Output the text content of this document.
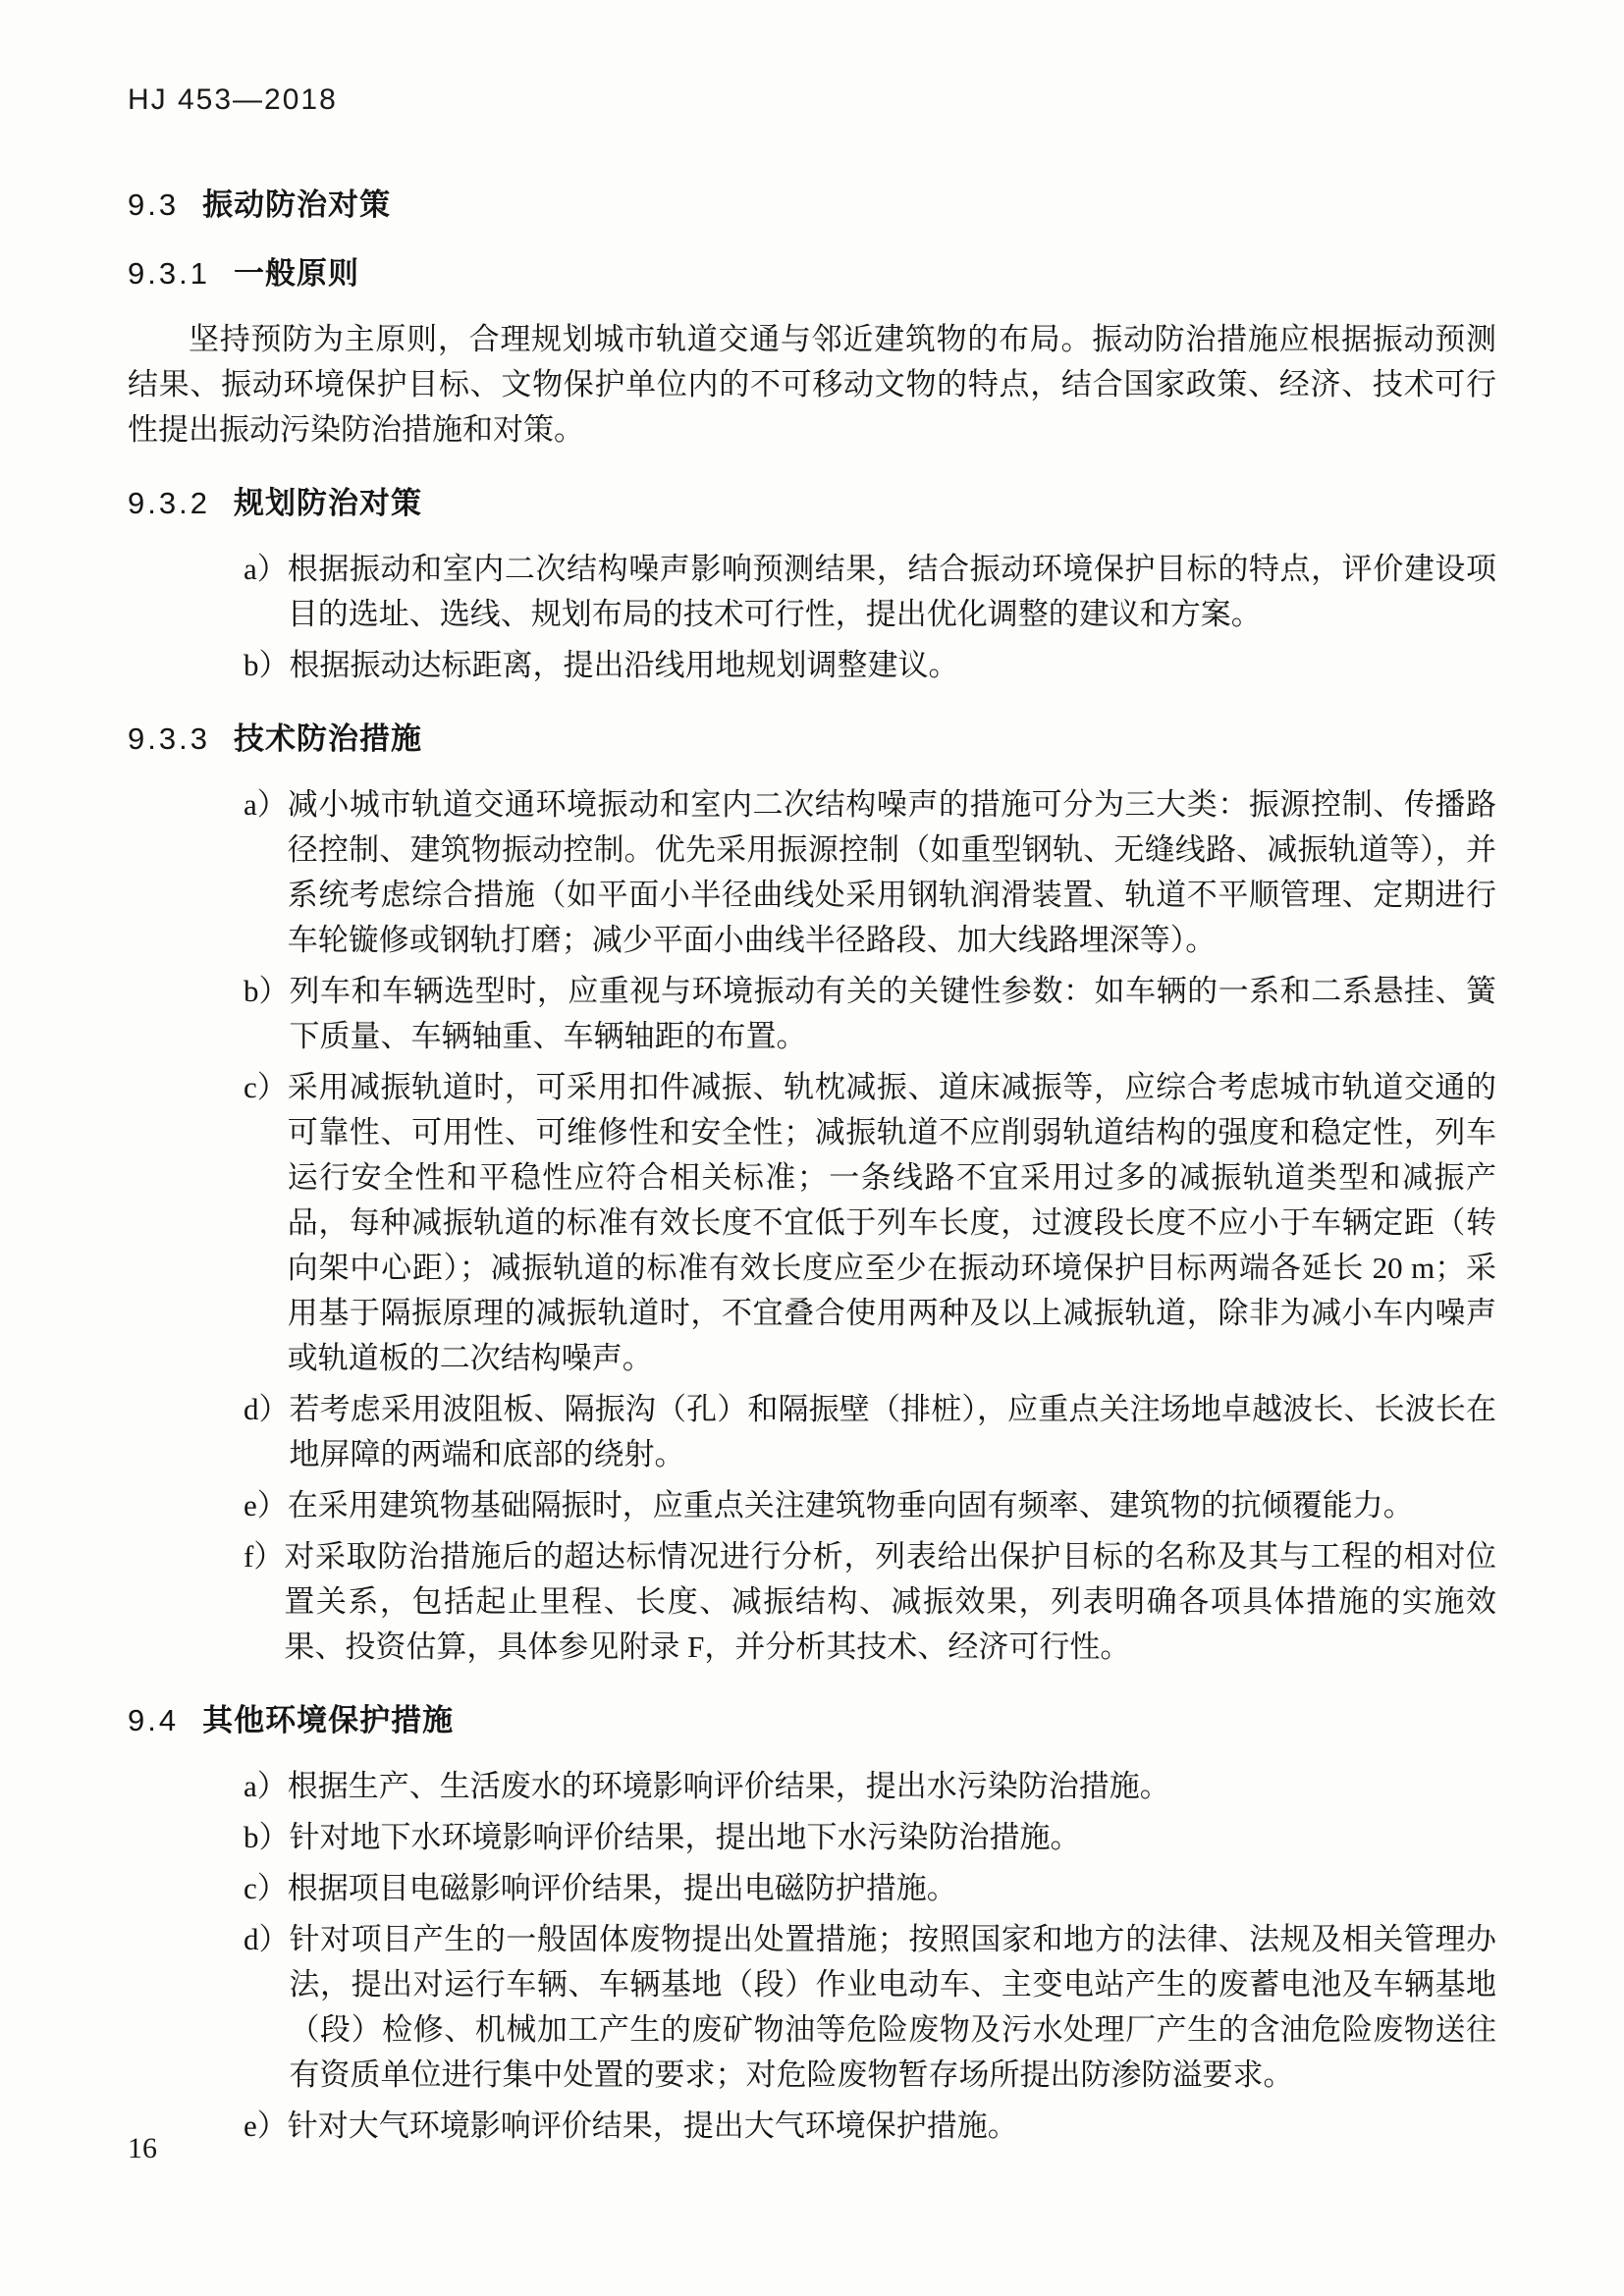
HJ 453—2018
9.3 振动防治对策
9.3.1 一般原则

坚持预防为主原则，合理规划城市轨道交通与邻近建筑物的布局。振动防治措施应根据振动预测结果、振动环境保护目标、文物保护单位内的不可移动文物的特点，结合国家政策、经济、技术可行性提出振动污染防治措施和对策。

9.3.2 规划防治对策
a） 根据振动和室内二次结构噪声影响预测结果，结合振动环境保护目标的特点，评价建设项目的选址、选线、规划布局的技术可行性，提出优化调整的建议和方案。
b） 根据振动达标距离，提出沿线用地规划调整建议。
9.3.3 技术防治措施
a） 减小城市轨道交通环境振动和室内二次结构噪声的措施可分为三大类：振源控制、传播路径控制、建筑物振动控制。优先采用振源控制（如重型钢轨、无缝线路、减振轨道等），并系统考虑综合措施（如平面小半径曲线处采用钢轨润滑装置、轨道不平顺管理、定期进行车轮镟修或钢轨打磨；减少平面小曲线半径路段、加大线路埋深等）。
b） 列车和车辆选型时，应重视与环境振动有关的关键性参数：如车辆的一系和二系悬挂、簧下质量、车辆轴重、车辆轴距的布置。
c） 采用减振轨道时，可采用扣件减振、轨枕减振、道床减振等，应综合考虑城市轨道交通的可靠性、可用性、可维修性和安全性；减振轨道不应削弱轨道结构的强度和稳定性，列车运行安全性和平稳性应符合相关标准；一条线路不宜采用过多的减振轨道类型和减振产品，每种减振轨道的标准有效长度不宜低于列车长度，过渡段长度不应小于车辆定距（转向架中心距）；减振轨道的标准有效长度应至少在振动环境保护目标两端各延长 20 m；采用基于隔振原理的减振轨道时，不宜叠合使用两种及以上减振轨道，除非为减小车内噪声或轨道板的二次结构噪声。
d） 若考虑采用波阻板、隔振沟（孔）和隔振壁（排桩），应重点关注场地卓越波长、长波长在地屏障的两端和底部的绕射。
e） 在采用建筑物基础隔振时，应重点关注建筑物垂向固有频率、建筑物的抗倾覆能力。
f） 对采取防治措施后的超达标情况进行分析，列表给出保护目标的名称及其与工程的相对位置关系，包括起止里程、长度、减振结构、减振效果，列表明确各项具体措施的实施效果、投资估算，具体参见附录 F，并分析其技术、经济可行性。
9.4 其他环境保护措施
a） 根据生产、生活废水的环境影响评价结果，提出水污染防治措施。
b） 针对地下水环境影响评价结果，提出地下水污染防治措施。
c） 根据项目电磁影响评价结果，提出电磁防护措施。
d） 针对项目产生的一般固体废物提出处置措施；按照国家和地方的法律、法规及相关管理办法，提出对运行车辆、车辆基地（段）作业电动车、主变电站产生的废蓄电池及车辆基地（段）检修、机械加工产生的废矿物油等危险废物及污水处理厂产生的含油危险废物送往有资质单位进行集中处置的要求；对危险废物暂存场所提出防渗防溢要求。
e） 针对大气环境影响评价结果，提出大气环境保护措施。
16
